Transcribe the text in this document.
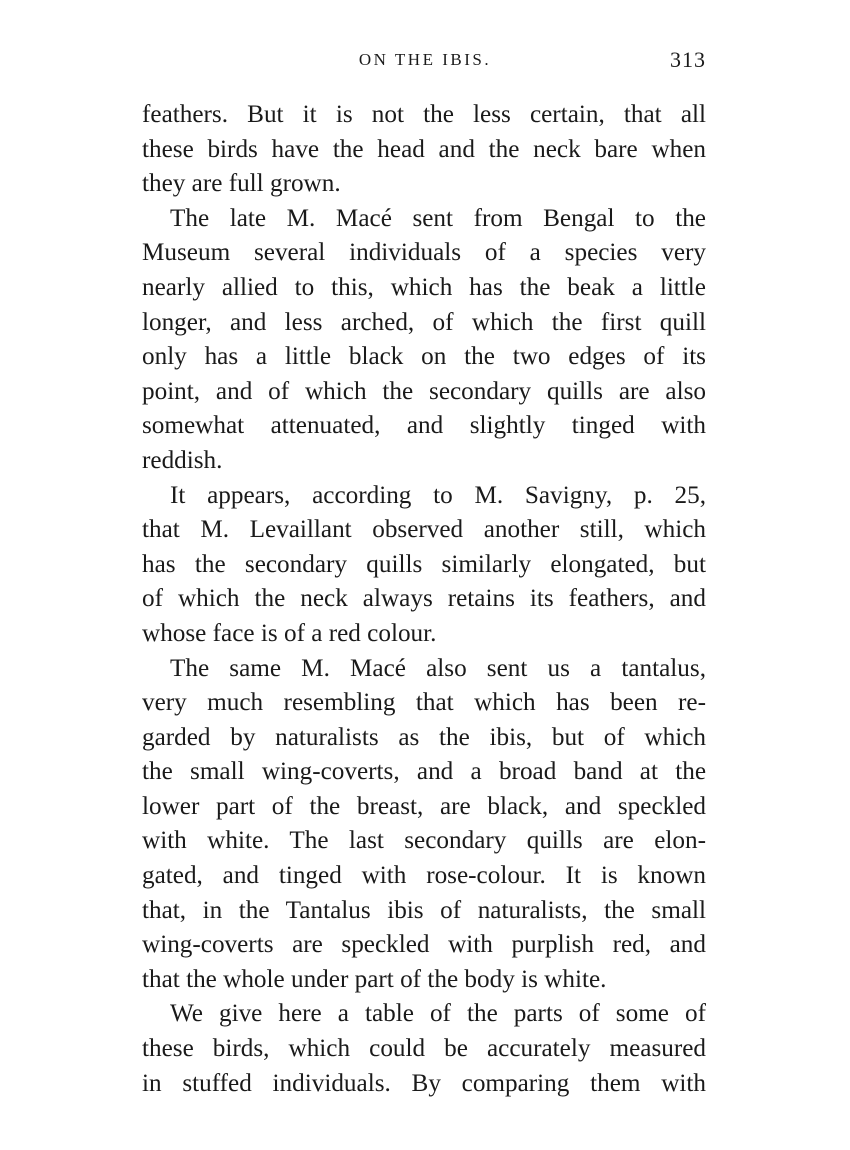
ON THE IBIS.	313
feathers. But it is not the less certain, that all
these birds have the head and the neck bare when
they are full grown.
The late M. Macé sent from Bengal to the
Museum several individuals of a species very
nearly allied to this, which has the beak a little
longer, and less arched, of which the first quill
only has a little black on the two edges of its
point, and of which the secondary quills are also
somewhat attenuated, and slightly tinged with
reddish.
It appears, according to M. Savigny, p. 25,
that M. Levaillant observed another still, which
has the secondary quills similarly elongated, but
of which the neck always retains its feathers, and
whose face is of a red colour.
The same M. Macé also sent us a tantalus,
very much resembling that which has been re-
garded by naturalists as the ibis, but of which
the small wing-coverts, and a broad band at the
lower part of the breast, are black, and speckled
with white. The last secondary quills are elon-
gated, and tinged with rose-colour. It is known
that, in the Tantalus ibis of naturalists, the small
wing-coverts are speckled with purplish red, and
that the whole under part of the body is white.
We give here a table of the parts of some of
these birds, which could be accurately measured
in stuffed individuals. By comparing them with
